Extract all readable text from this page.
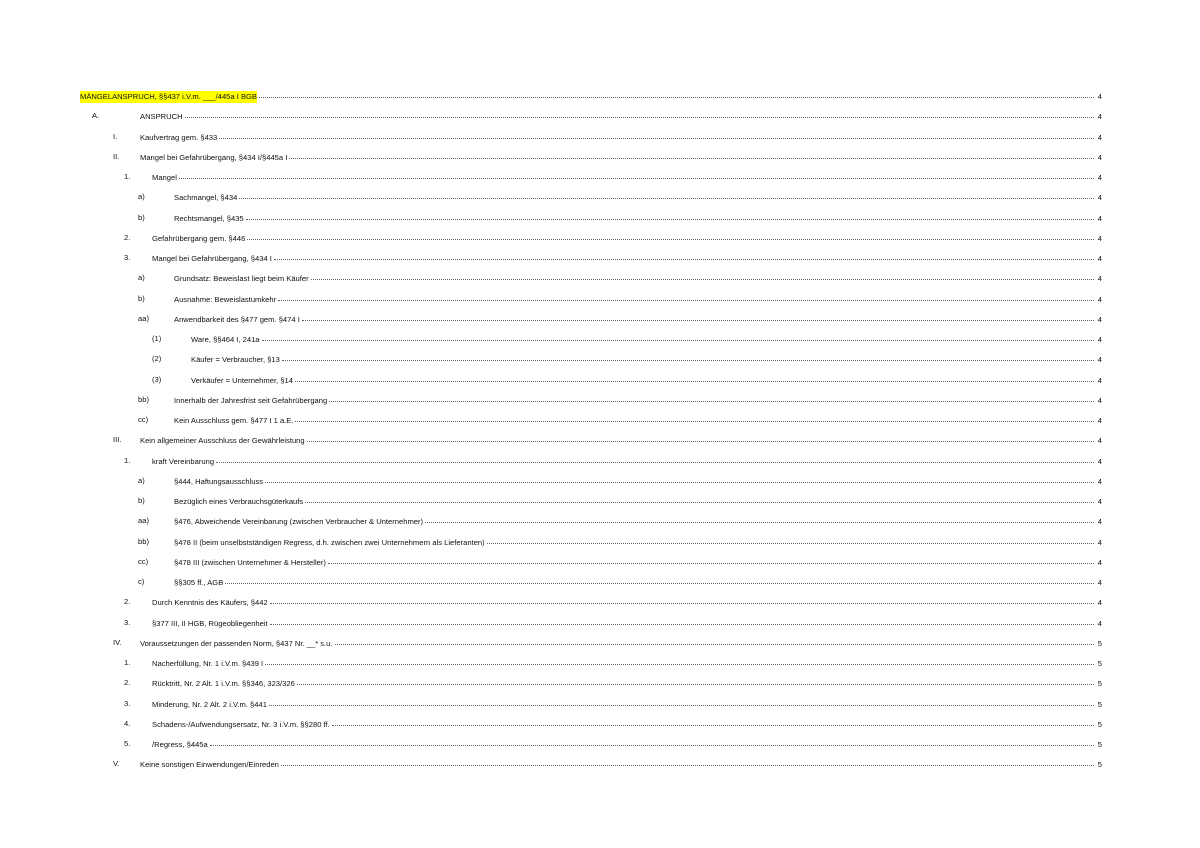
MÄNGELANSPRUCH, §§437 i.V.m. ___/445a I BGB	4
A.	ANSPRUCH	4
I.	Kaufvertrag gem. §433	4
II.	Mangel bei Gefahrübergang, §434 I/§445a I	4
1.	Mangel	4
a)	Sachmangel, §434	4
b)	Rechtsmangel, §435	4
2.	Gefahrübergang gem. §446	4
3.	Mangel bei Gefahrübergang, §434 I	4
a)	Grundsatz: Beweislast liegt beim Käufer	4
b)	Ausnahme: Beweislastumkehr	4
aa)	Anwendbarkeit des §477 gem. §474 I	4
(1)	Ware, §§464 I, 241a	4
(2)	Käufer = Verbraucher, §13	4
(3)	Verkäufer = Unternehmer, §14	4
bb)	Innerhalb der Jahresfrist seit Gefahrübergang	4
cc)	Kein Ausschluss gem. §477 I 1 a.E.	4
III. Kein allgemeiner Ausschluss der Gewährleistung	4
1.	kraft Vereinbarung	4
a)	§444, Haftungsausschluss	4
b)	Bezüglich eines Verbrauchsgüterkaufs	4
aa)	§476, Abweichende Vereinbarung (zwischen Verbraucher & Unternehmer)	4
bb)	§478 II (beim unselbstständigen Regress, d.h. zwischen zwei Unternehmern als Lieferanten)	4
cc)	§478 III (zwischen Unternehmer & Hersteller)	4
c)	§§305 ff., AGB	4
2.	Durch Kenntnis des Käufers, §442	4
3.	§377 III, II HGB, Rügeobliegenheit	4
IV. Voraussetzungen der passenden Norm, §437 Nr. __* s.u.	5
1.	Nacherfüllung, Nr. 1 i.V.m. §439 I	5
2.	Rücktritt, Nr. 2 Alt. 1 i.V.m. §§346, 323/326	5
3.	Minderung, Nr. 2 Alt. 2 i.V.m. §441	5
4.	Schadens-/Aufwendungsersatz, Nr. 3 i.V.m. §§280 ff.	5
5.	/Regress, §445a	5
V.	Keine sonstigen Einwendungen/Einreden	5
